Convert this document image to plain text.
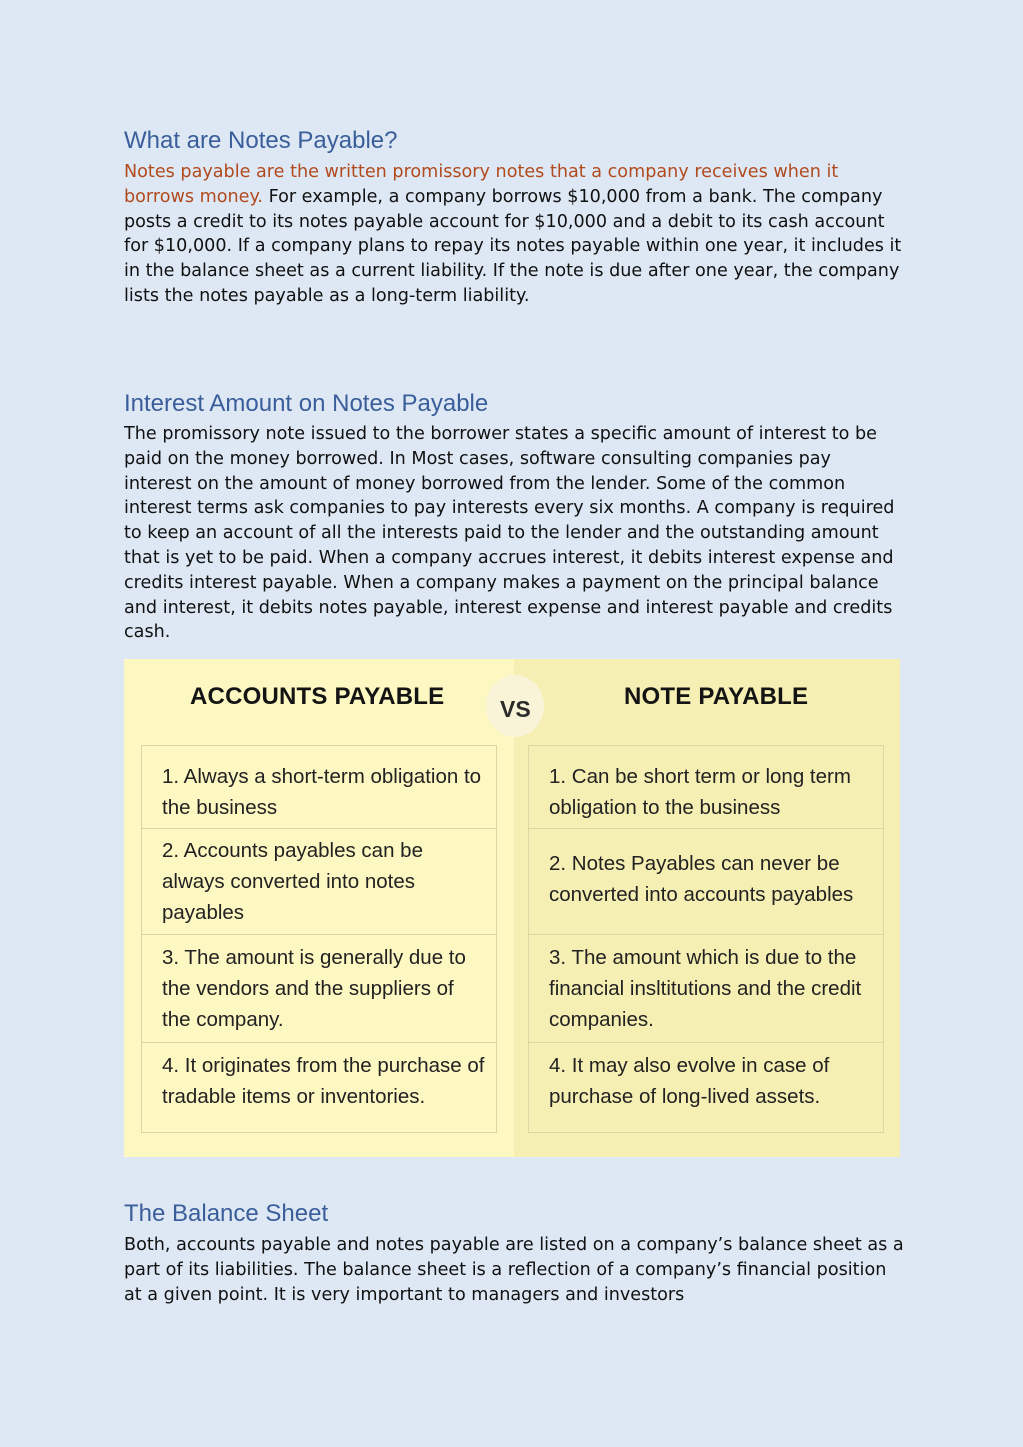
What are Notes Payable?

Notes payable are the written promissory notes that a company receives when it borrows money. For example, a company borrows $10,000 from a bank. The company posts a credit to its notes payable account for $10,000 and a debit to its cash account for $10,000. If a company plans to repay its notes payable within one year, it includes it in the balance sheet as a current liability. If the note is due after one year, the company lists the notes payable as a long-term liability.

Interest Amount on Notes Payable

The promissory note issued to the borrower states a specific amount of interest to be paid on the money borrowed. In Most cases, software consulting companies pay interest on the amount of money borrowed from the lender. Some of the common interest terms ask companies to pay interests every six months. A company is required to keep an account of all the interests paid to the lender and the outstanding amount that is yet to be paid. When a company accrues interest, it debits interest expense and credits interest payable. When a company makes a payment on the principal balance and interest, it debits notes payable, interest expense and interest payable and credits cash.

VS
1. Always a short-term obligation to the business
2. Accounts payables can be always converted into notes payables
3. The amount is generally due to the vendors and the suppliers of the company.
4. It originates from the purchase of tradable items or inventories.
1. Can be short term or long term obligation to the business
2. Notes Payables can never be converted into accounts payables
3. The amount which is due to the financial insltitutions and the credit companies.
4. It may also evolve in case of purchase of long-lived assets.
ACCOUNTS PAYABLE	NOTE PAYABLE
The Balance Sheet

Both, accounts payable and notes payable are listed on a company’s balance sheet as a part of its liabilities. The balance sheet is a reflection of a company’s financial position at a given point. It is very important to managers and investors
